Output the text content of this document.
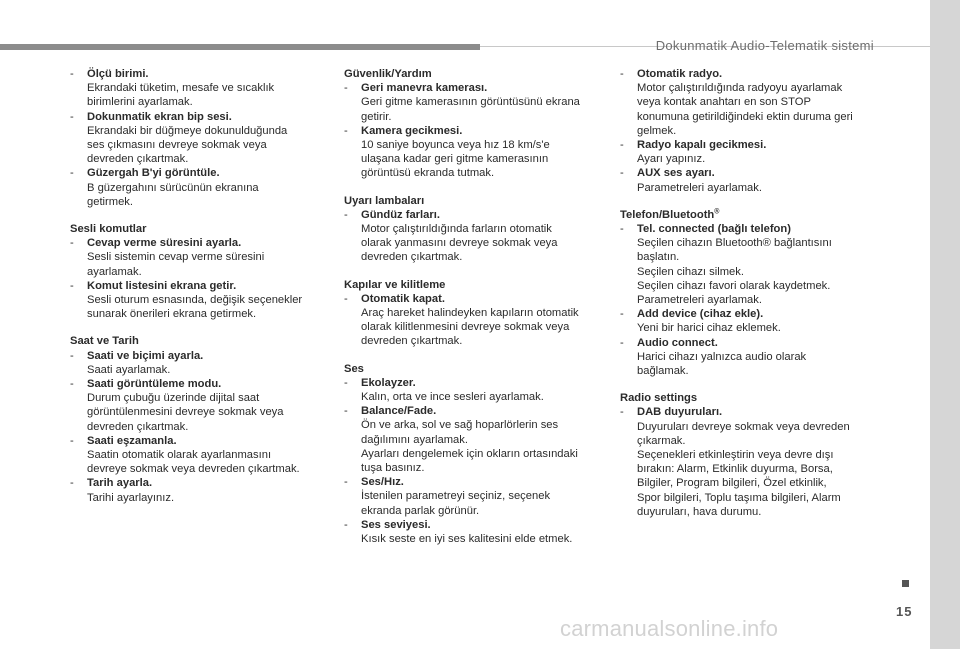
Dokunmatik Audio-Telematik sistemi
15
carmanualsonline.info
- Ölçü birimi.
Ekrandaki tüketim, mesafe ve sıcaklık
birimlerini ayarlamak.
- Dokunmatik ekran bip sesi.
Ekrandaki bir düğmeye dokunulduğunda
ses çıkmasını devreye sokmak veya
devreden çıkartmak.
- Güzergah B'yi görüntüle.
B güzergahını sürücünün ekranına
getirmek.
Sesli komutlar
- Cevap verme süresini ayarla.
Sesli sistemin cevap verme süresini
ayarlamak.
- Komut listesini ekrana getir.
Sesli oturum esnasında, değişik seçenekler
sunarak önerileri ekrana getirmek.
Saat ve Tarih
- Saati ve biçimi ayarla.
Saati ayarlamak.
- Saati görüntüleme modu.
Durum çubuğu üzerinde dijital saat
görüntülenmesini devreye sokmak veya
devreden çıkartmak.
- Saati eşzamanla.
Saatin otomatik olarak ayarlanmasını
devreye sokmak veya devreden çıkartmak.
- Tarih ayarla.
Tarihi ayarlayınız.
Güvenlik/Yardım
- Geri manevra kamerası.
Geri gitme kamerasının görüntüsünü ekrana
getirir.
- Kamera gecikmesi.
10 saniye boyunca veya hız 18 km/s'e
ulaşana kadar geri gitme kamerasının
görüntüsü ekranda tutmak.
Uyarı lambaları
- Gündüz farları.
Motor çalıştırıldığında farların otomatik
olarak yanmasını devreye sokmak veya
devreden çıkartmak.
Kapılar ve kilitleme
- Otomatik kapat.
Araç hareket halindeyken kapıların otomatik
olarak kilitlenmesini devreye sokmak veya
devreden çıkartmak.
Ses
- Ekolayzer.
Kalın, orta ve ince sesleri ayarlamak.
- Balance/Fade.
Ön ve arka, sol ve sağ hoparlörlerin ses
dağılımını ayarlamak.
Ayarları dengelemek için okların ortasındaki
tuşa basınız.
- Ses/Hız.
İstenilen parametreyi seçiniz, seçenek
ekranda parlak görünür.
- Ses seviyesi.
Kısık seste en iyi ses kalitesini elde etmek.
- Otomatik radyo.
Motor çalıştırıldığında radyoyu ayarlamak
veya kontak anahtarı en son STOP
konumuna getirildiğindeki ektin duruma geri
gelmek.
- Radyo kapalı gecikmesi.
Ayarı yapınız.
- AUX ses ayarı.
Parametreleri ayarlamak.
Telefon/Bluetooth®
- Tel. connected (bağlı telefon)
Seçilen cihazın Bluetooth® bağlantısını
başlatın.
Seçilen cihazı silmek.
Seçilen cihazı favori olarak kaydetmek.
Parametreleri ayarlamak.
- Add device (cihaz ekle).
Yeni bir harici cihaz eklemek.
- Audio connect.
Harici cihazı yalnızca audio olarak
bağlamak.
Radio settings
- DAB duyuruları.
Duyuruları devreye sokmak veya devreden
çıkarmak.
Seçenekleri etkinleştirin veya devre dışı
bırakın: Alarm, Etkinlik duyurma, Borsa,
Bilgiler, Program bilgileri, Özel etkinlik,
Spor bilgileri, Toplu taşıma bilgileri, Alarm
duyuruları, hava durumu.
